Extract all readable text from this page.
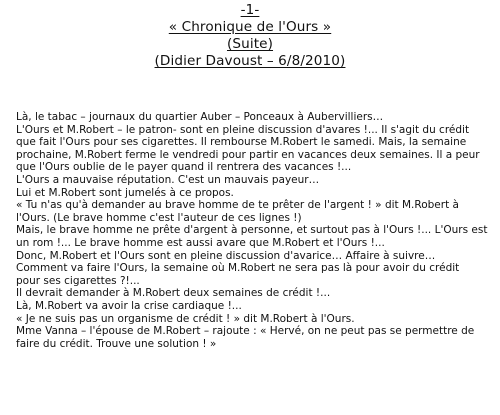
-1-
« Chronique de l'Ours »
(Suite)
(Didier Davoust – 6/8/2010)
Là, le tabac – journaux du quartier Auber – Ponceaux à Aubervilliers…
L'Ours et M.Robert – le patron- sont en pleine discussion d'avares !... Il s'agit du crédit
que fait l'Ours pour ses cigarettes. Il rembourse M.Robert le samedi. Mais, la semaine
prochaine, M.Robert ferme le vendredi pour partir en vacances deux semaines. Il a peur
que l'Ours oublie de le payer quand il rentrera des vacances !...
L'Ours a mauvaise réputation. C'est un mauvais payeur…
Lui et M.Robert sont jumelés à ce propos.
« Tu n'as qu'à demander au brave homme de te prêter de l'argent ! » dit M.Robert à
l'Ours. (Le brave homme c'est l'auteur de ces lignes !)
Mais, le brave homme ne prête d'argent à personne, et surtout pas à l'Ours !... L'Ours est
un rom !... Le brave homme est aussi avare que M.Robert et l'Ours !...
Donc, M.Robert et l'Ours sont en pleine discussion d'avarice… Affaire à suivre…
Comment va faire l'Ours, la semaine où M.Robert ne sera pas là pour avoir du crédit
pour ses cigarettes ?!...
Il devrait demander à M.Robert deux semaines de crédit !...
Là, M.Robert va avoir la crise cardiaque !...
« Je ne suis pas un organisme de crédit ! » dit M.Robert à l'Ours.
Mme Vanna – l'épouse de M.Robert – rajoute : « Hervé, on ne peut pas se permettre de
faire du crédit. Trouve une solution ! »
